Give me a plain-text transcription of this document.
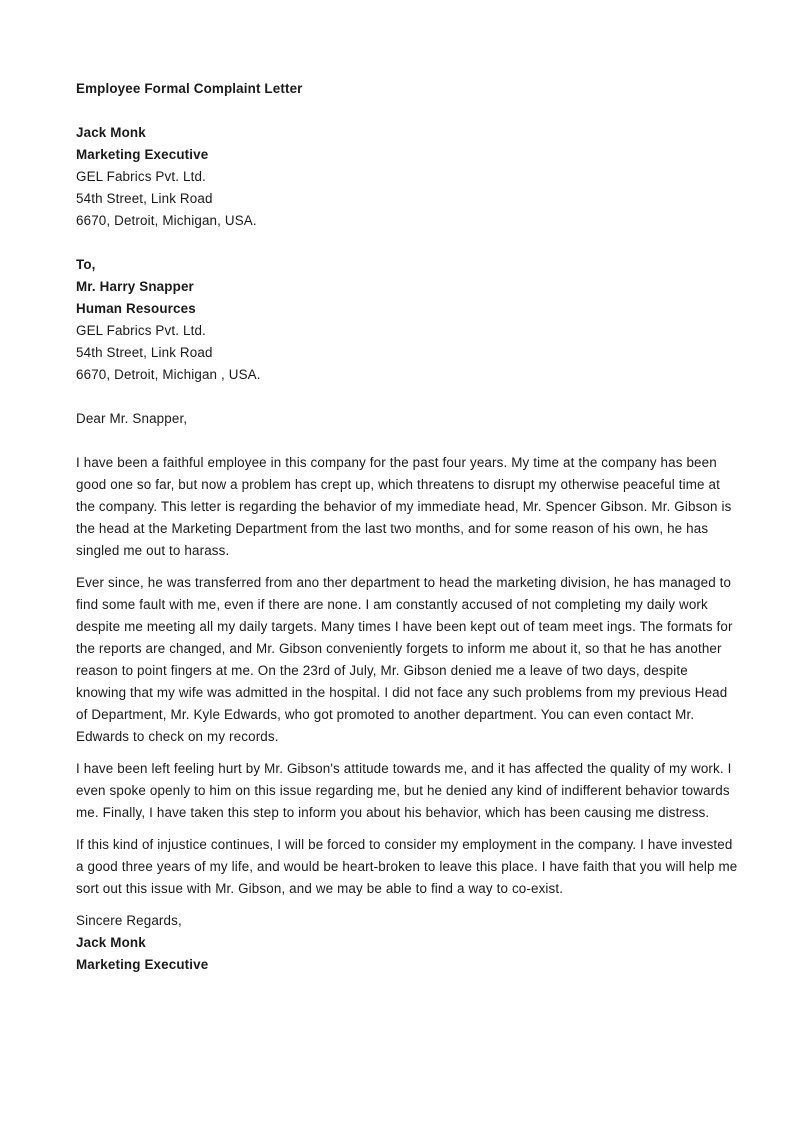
Employee Formal Complaint Letter
Jack Monk
Marketing Executive
GEL Fabrics Pvt. Ltd.
54th Street, Link Road
6670, Detroit, Michigan, USA.
To,
Mr. Harry Snapper
Human Resources
GEL Fabrics Pvt. Ltd.
54th Street, Link Road
6670, Detroit, Michigan , USA.
Dear Mr. Snapper,
I have been a faithful employee in this company for the past four years. My time at the company has been
good one so far, but now a problem has crept up, which threatens to disrupt my otherwise peaceful time at
the company. This letter is regarding the behavior of my immediate head, Mr. Spencer Gibson. Mr. Gibson is
the head at the Marketing Department from the last two months, and for some reason of his own, he has
singled me out to harass.
Ever since, he was transferred from ano ther department to head the marketing division, he has managed to
find some fault with me, even if there are none. I am constantly accused of not completing my daily work
despite me meeting all my daily targets. Many times I have been kept out of team meet ings. The formats for
the reports are changed, and Mr. Gibson conveniently forgets to inform me about it, so that he has another
reason to point fingers at me. On the 23rd of July, Mr. Gibson denied me a leave of two days, despite
knowing that my wife was admitted in the hospital. I did not face any such problems from my previous Head
of Department, Mr. Kyle Edwards, who got promoted to another department. You can even contact Mr.
Edwards to check on my records.
I have been left feeling hurt by Mr. Gibson's attitude towards me, and it has affected the quality of my work. I
even spoke openly to him on this issue regarding me, but he denied any kind of indifferent behavior towards
me. Finally, I have taken this step to inform you about his behavior, which has been causing me distress.
If this kind of injustice continues, I will be forced to consider my employment in the company. I have invested
a good three years of my life, and would be heart-broken to leave this place. I have faith that you will help me
sort out this issue with Mr. Gibson, and we may be able to find a way to co-exist.
Sincere Regards,
Jack Monk
Marketing Executive
